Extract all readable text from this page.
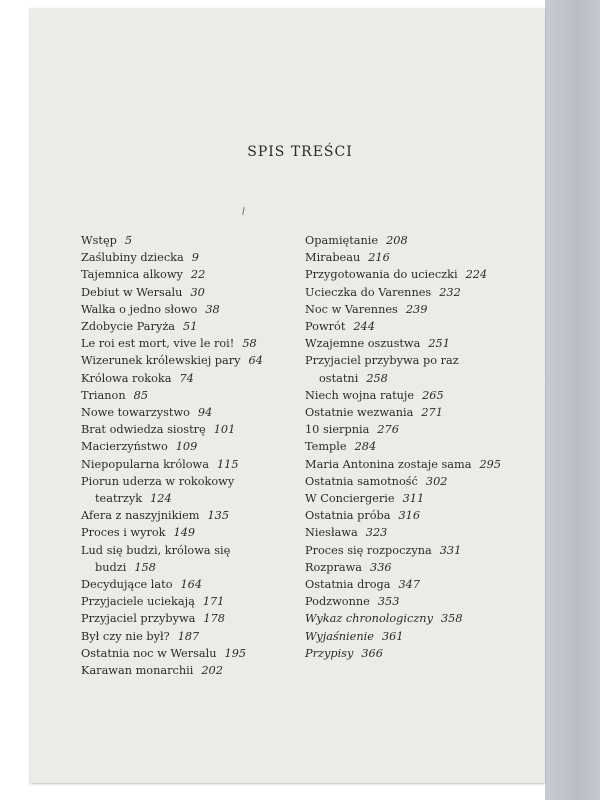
SPIS TREŚCI
Wstęp 5
Zaślubiny dziecka 9
Tajemnica alkowy 22
Debiut w Wersalu 30
Walka o jedno słowo 38
Zdobycie Paryża 51
Le roi est mort, vive le roi! 58
Wizerunek królewskiej pary 64
Królowa rokoka 74
Trianon 85
Nowe towarzystwo 94
Brat odwiedza siostrę 101
Macierzyństwo 109
Niepopularna królowa 115
Piorun uderza w rokokowy
teatrzyk 124
Afera z naszyjnikiem 135
Proces i wyrok 149
Lud się budzi, królowa się
budzi 158
Decydujące lato 164
Przyjaciele uciekają 171
Przyjaciel przybywa 178
Był czy nie był? 187
Ostatnia noc w Wersalu 195
Karawan monarchii 202
Opamiętanie 208
Mirabeau 216
Przygotowania do ucieczki 224
Ucieczka do Varennes 232
Noc w Varennes 239
Powrót 244
Wzajemne oszustwa 251
Przyjaciel przybywa po raz
ostatni 258
Niech wojna ratuje 265
Ostatnie wezwania 271
10 sierpnia 276
Temple 284
Maria Antonina zostaje sama 295
Ostatnia samotność 302
W Conciergerie 311
Ostatnia próba 316
Niesława 323
Proces się rozpoczyna 331
Rozprawa 336
Ostatnia droga 347
Podzwonne 353
Wykaz chronologiczny 358
Wyjaśnienie 361
Przypisy 366
